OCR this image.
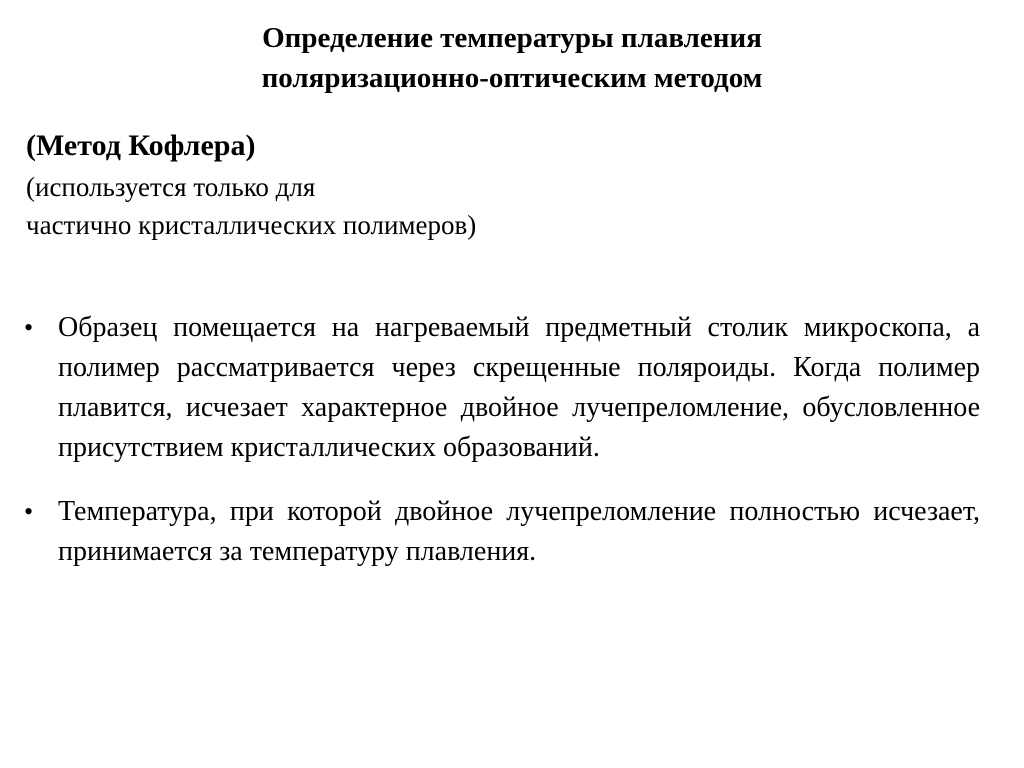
Определение температуры плавления
поляризационно-оптическим методом
(Метод Кофлера)
(используется только для
частично кристаллических полимеров)
• Образец помещается на нагреваемый предметный столик микроскопа, а полимер рассматривается через скрещенные поляроиды. Когда полимер плавится, исчезает характерное двойное лучепреломление, обусловленное присутствием кристаллических образований.
• Температура, при которой двойное лучепреломление полностью исчезает, принимается за температуру плавления.
